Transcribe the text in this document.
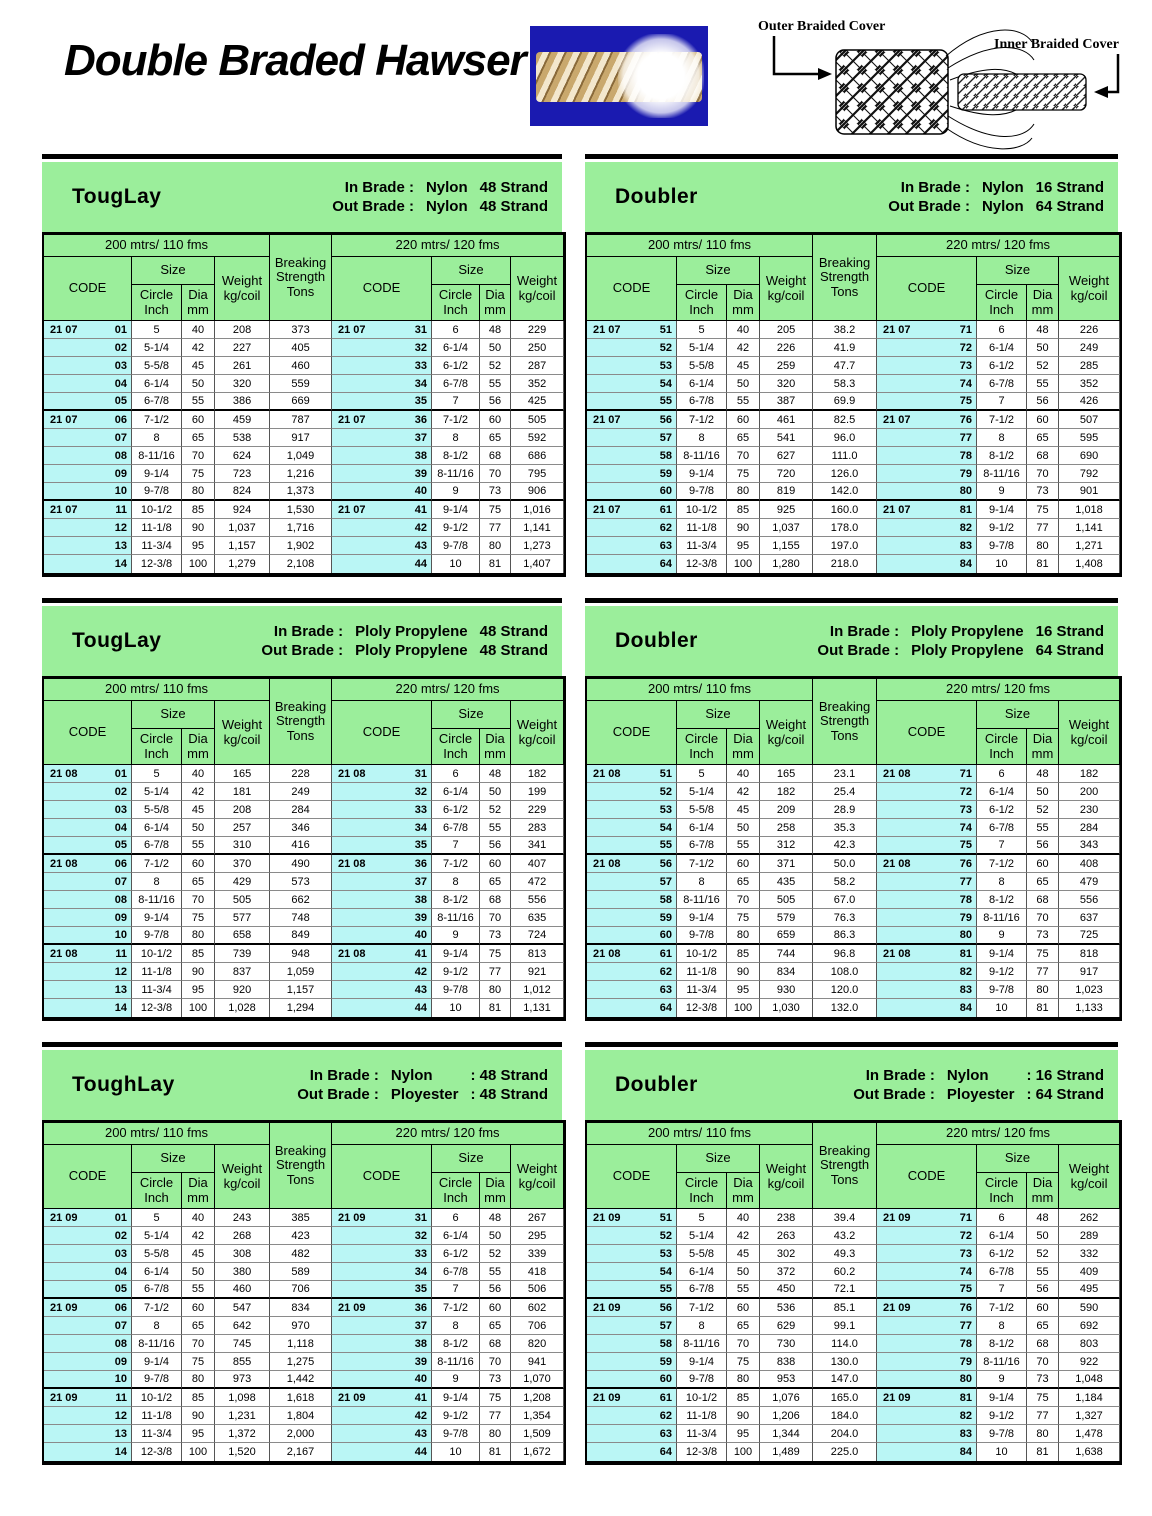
Double Braded Hawser
Outer Braided Cover
Inner Braided Cover
TougLay	In Brade : Nylon 48 Strand
Out Brade : Nylon 48 Strand
200 mtrs/ 110 fms				Breaking Strength Tons	220 mtrs/ 120 fms			
CODE	Size		Weight kg/coil		CODE	Size		Weight kg/coil
	Circle Inch	Dia mm				Circle Inch	Dia mm	

21 07 01	5	40	208	373	21 07 31	6	48	229

02	5-1/4	42	227	405	32	6-1/4	50	250

03	5-5/8	45	261	460	33	6-1/2	52	287

04	6-1/4	50	320	559	34	6-7/8	55	352

05	6-7/8	55	386	669	35	7	56	425

21 07 06	7-1/2	60	459	787	21 07 36	7-1/2	60	505

07	8	65	538	917	37	8	65	592

08	8-11/16	70	624	1,049	38	8-1/2	68	686

09	9-1/4	75	723	1,216	39	8-11/16	70	795

10	9-7/8	80	824	1,373	40	9	73	906

21 07 11	10-1/2	85	924	1,530	21 07 41	9-1/4	75	1,016

12	11-1/8	90	1,037	1,716	42	9-1/2	77	1,141

13	11-3/4	95	1,157	1,902	43	9-7/8	80	1,273

14	12-3/8	100	1,279	2,108	44	10	81	1,407
Doubler	In Brade : Nylon 16 Strand
Out Brade : Nylon 64 Strand
200 mtrs/ 110 fms				Breaking Strength Tons	220 mtrs/ 120 fms			
CODE	Size		Weight kg/coil		CODE	Size		Weight kg/coil
	Circle Inch	Dia mm				Circle Inch	Dia mm	

21 07 51	5	40	205	38.2	21 07 71	6	48	226

52	5-1/4	42	226	41.9	72	6-1/4	50	249

53	5-5/8	45	259	47.7	73	6-1/2	52	285

54	6-1/4	50	320	58.3	74	6-7/8	55	352

55	6-7/8	55	387	69.9	75	7	56	426

21 07 56	7-1/2	60	461	82.5	21 07 76	7-1/2	60	507

57	8	65	541	96.0	77	8	65	595

58	8-11/16	70	627	111.0	78	8-1/2	68	690

59	9-1/4	75	720	126.0	79	8-11/16	70	792

60	9-7/8	80	819	142.0	80	9	73	901

21 07 61	10-1/2	85	925	160.0	21 07 81	9-1/4	75	1,018

62	11-1/8	90	1,037	178.0	82	9-1/2	77	1,141

63	11-3/4	95	1,155	197.0	83	9-7/8	80	1,271

64	12-3/8	100	1,280	218.0	84	10	81	1,408
TougLay	In Brade : Ploly Propylene 48 Strand
Out Brade : Ploly Propylene 48 Strand
200 mtrs/ 110 fms				Breaking Strength Tons	220 mtrs/ 120 fms			
CODE	Size		Weight kg/coil		CODE	Size		Weight kg/coil
	Circle Inch	Dia mm				Circle Inch	Dia mm	

21 08 01	5	40	165	228	21 08 31	6	48	182

02	5-1/4	42	181	249	32	6-1/4	50	199

03	5-5/8	45	208	284	33	6-1/2	52	229

04	6-1/4	50	257	346	34	6-7/8	55	283

05	6-7/8	55	310	416	35	7	56	341

21 08 06	7-1/2	60	370	490	21 08 36	7-1/2	60	407

07	8	65	429	573	37	8	65	472

08	8-11/16	70	505	662	38	8-1/2	68	556

09	9-1/4	75	577	748	39	8-11/16	70	635

10	9-7/8	80	658	849	40	9	73	724

21 08 11	10-1/2	85	739	948	21 08 41	9-1/4	75	813

12	11-1/8	90	837	1,059	42	9-1/2	77	921

13	11-3/4	95	920	1,157	43	9-7/8	80	1,012

14	12-3/8	100	1,028	1,294	44	10	81	1,131
Doubler	In Brade : Ploly Propylene 16 Strand
Out Brade : Ploly Propylene 64 Strand
200 mtrs/ 110 fms				Breaking Strength Tons	220 mtrs/ 120 fms			
CODE	Size		Weight kg/coil		CODE	Size		Weight kg/coil
	Circle Inch	Dia mm				Circle Inch	Dia mm	

21 08 51	5	40	165	23.1	21 08 71	6	48	182

52	5-1/4	42	182	25.4	72	6-1/4	50	200

53	5-5/8	45	209	28.9	73	6-1/2	52	230

54	6-1/4	50	258	35.3	74	6-7/8	55	284

55	6-7/8	55	312	42.3	75	7	56	343

21 08 56	7-1/2	60	371	50.0	21 08 76	7-1/2	60	408

57	8	65	435	58.2	77	8	65	479

58	8-11/16	70	505	67.0	78	8-1/2	68	556

59	9-1/4	75	579	76.3	79	8-11/16	70	637

60	9-7/8	80	659	86.3	80	9	73	725

21 08 61	10-1/2	85	744	96.8	21 08 81	9-1/4	75	818

62	11-1/8	90	834	108.0	82	9-1/2	77	917

63	11-3/4	95	930	120.0	83	9-7/8	80	1,023

64	12-3/8	100	1,030	132.0	84	10	81	1,133
ToughLay	In Brade : Nylon	: 48 Strand
Out Brade : Ployester : 48 Strand
200 mtrs/ 110 fms				Breaking Strength Tons	220 mtrs/ 120 fms			
CODE	Size		Weight kg/coil		CODE	Size		Weight kg/coil
	Circle Inch	Dia mm				Circle Inch	Dia mm	

21 09 01	5	40	243	385	21 09 31	6	48	267

02	5-1/4	42	268	423	32	6-1/4	50	295

03	5-5/8	45	308	482	33	6-1/2	52	339

04	6-1/4	50	380	589	34	6-7/8	55	418

05	6-7/8	55	460	706	35	7	56	506

21 09 06	7-1/2	60	547	834	21 09 36	7-1/2	60	602

07	8	65	642	970	37	8	65	706

08	8-11/16	70	745	1,118	38	8-1/2	68	820

09	9-1/4	75	855	1,275	39	8-11/16	70	941

10	9-7/8	80	973	1,442	40	9	73	1,070

21 09 11	10-1/2	85	1,098	1,618	21 09 41	9-1/4	75	1,208

12	11-1/8	90	1,231	1,804	42	9-1/2	77	1,354

13	11-3/4	95	1,372	2,000	43	9-7/8	80	1,509

14	12-3/8	100	1,520	2,167	44	10	81	1,672
Doubler	In Brade : Nylon	: 16 Strand
Out Brade : Ployester : 64 Strand
200 mtrs/ 110 fms				Breaking Strength Tons	220 mtrs/ 120 fms			
CODE	Size		Weight kg/coil		CODE	Size		Weight kg/coil
	Circle Inch	Dia mm				Circle Inch	Dia mm	

21 09 51	5	40	238	39.4	21 09 71	6	48	262

52	5-1/4	42	263	43.2	72	6-1/4	50	289

53	5-5/8	45	302	49.3	73	6-1/2	52	332

54	6-1/4	50	372	60.2	74	6-7/8	55	409

55	6-7/8	55	450	72.1	75	7	56	495

21 09 56	7-1/2	60	536	85.1	21 09 76	7-1/2	60	590

57	8	65	629	99.1	77	8	65	692

58	8-11/16	70	730	114.0	78	8-1/2	68	803

59	9-1/4	75	838	130.0	79	8-11/16	70	922

60	9-7/8	80	953	147.0	80	9	73	1,048

21 09 61	10-1/2	85	1,076	165.0	21 09 81	9-1/4	75	1,184

62	11-1/8	90	1,206	184.0	82	9-1/2	77	1,327

63	11-3/4	95	1,344	204.0	83	9-7/8	80	1,478

64	12-3/8	100	1,489	225.0	84	10	81	1,638
